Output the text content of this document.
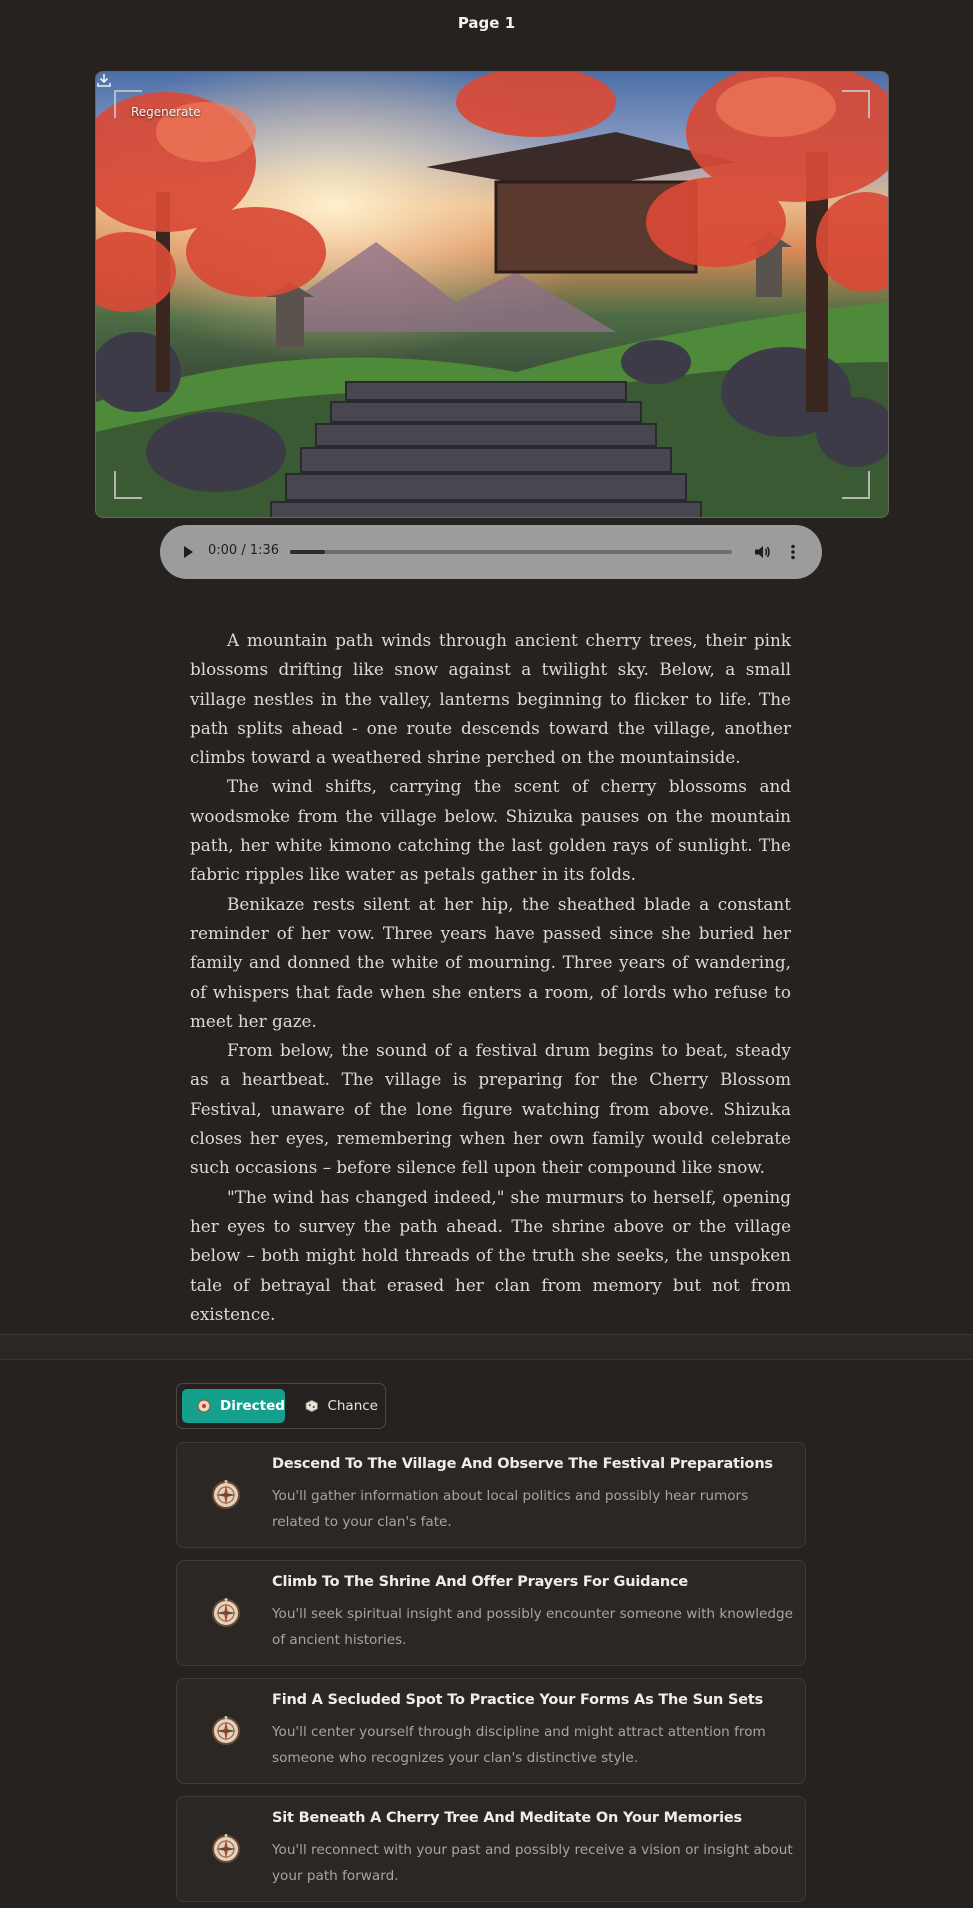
Page 1
Regenerate
0:00 / 1:36

A mountain path winds through ancient cherry trees, their pink blossoms drifting like snow against a twilight sky. Below, a small village nestles in the valley, lanterns beginning to flicker to life. The path splits ahead - one route descends toward the village, another climbs toward a weathered shrine perched on the mountainside.

The wind shifts, carrying the scent of cherry blossoms and woodsmoke from the village below. Shizuka pauses on the mountain path, her white kimono catching the last golden rays of sunlight. The fabric ripples like water as petals gather in its folds.

Benikaze rests silent at her hip, the sheathed blade a constant reminder of her vow. Three years have passed since she buried her family and donned the white of mourning. Three years of wandering, of whispers that fade when she enters a room, of lords who refuse to meet her gaze.

From below, the sound of a festival drum begins to beat, steady as a heartbeat. The village is preparing for the Cherry Blossom Festival, unaware of the lone figure watching from above. Shizuka closes her eyes, remembering when her own family would celebrate such occasions – before silence fell upon their compound like snow.

"The wind has changed indeed," she murmurs to herself, opening her eyes to survey the path ahead. The shrine above or the village below – both might hold threads of the truth she seeks, the unspoken tale of betrayal that erased her clan from memory but not from existence.

Directed	Chance
Descend To The Village And Observe The Festival Preparations
You'll gather information about local politics and possibly hear rumors related to your clan's fate.
Climb To The Shrine And Offer Prayers For Guidance
You'll seek spiritual insight and possibly encounter someone with knowledge of ancient histories.
Find A Secluded Spot To Practice Your Forms As The Sun Sets
You'll center yourself through discipline and might attract attention from someone who recognizes your clan's distinctive style.
Sit Beneath A Cherry Tree And Meditate On Your Memories
You'll reconnect with your past and possibly receive a vision or insight about your path forward.
